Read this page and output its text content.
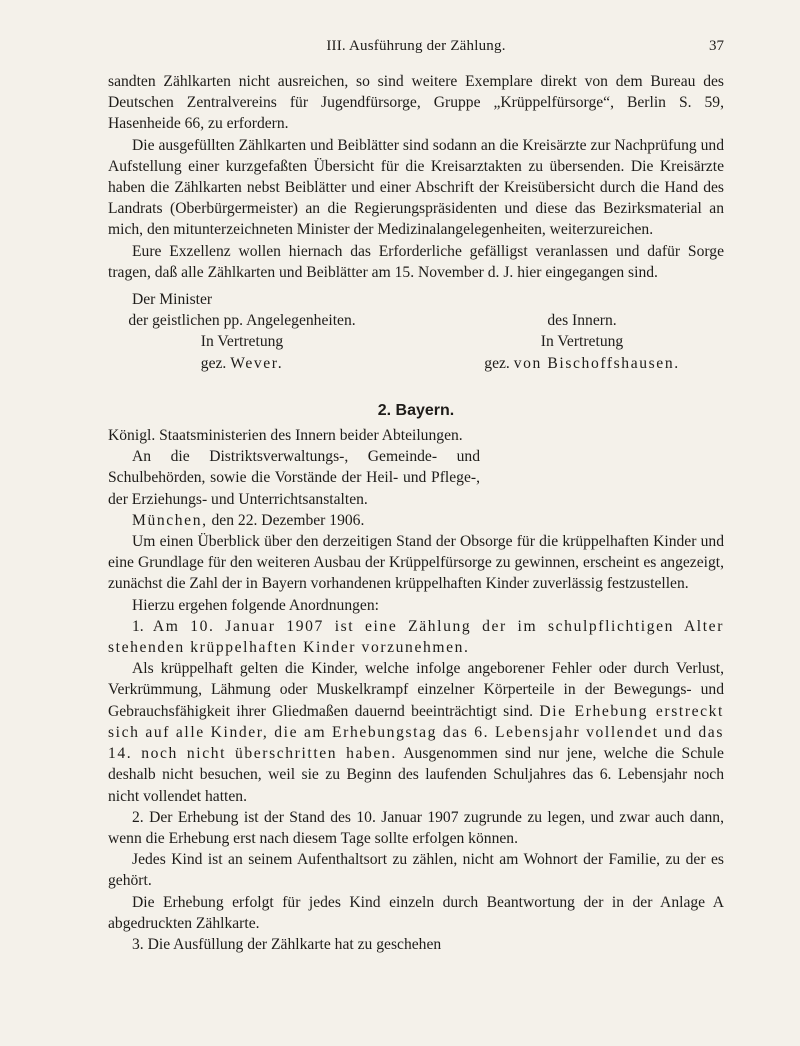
III. Ausführung der Zählung.	37

sandten Zählkarten nicht ausreichen, so sind weitere Exemplare direkt von dem Bureau des Deutschen Zentralvereins für Jugendfürsorge, Gruppe „Krüppelfürsorge“, Berlin S. 59, Hasenheide 66, zu erfordern.

Die ausgefüllten Zählkarten und Beiblätter sind sodann an die Kreisärzte zur Nachprüfung und Aufstellung einer kurzgefaßten Übersicht für die Kreisarztakten zu übersenden. Die Kreisärzte haben die Zählkarten nebst Beiblätter und einer Abschrift der Kreisübersicht durch die Hand des Landrats (Oberbürgermeister) an die Regierungspräsidenten und diese das Bezirksmaterial an mich, den mitunterzeichneten Minister der Medizinalangelegenheiten, weiterzureichen.

Eure Exzellenz wollen hiernach das Erforderliche gefälligst veranlassen und dafür Sorge tragen, daß alle Zählkarten und Beiblätter am 15. November d. J. hier eingegangen sind.

Der Minister

der geistlichen pp. Angelegenheiten.	des Innern.
In Vertretung	In Vertretung
gez. Wever.	gez. von Bischoffshausen.
2. Bayern.

Königl. Staatsministerien des Innern beider Abteilungen.

An die Distriktsverwaltungs-, Gemeinde- und Schulbehörden, sowie die Vorstände der Heil- und Pflege-, der Erziehungs- und Unterrichtsanstalten.

München, den 22. Dezember 1906.

Um einen Überblick über den derzeitigen Stand der Obsorge für die krüppelhaften Kinder und eine Grundlage für den weiteren Ausbau der Krüppelfürsorge zu gewinnen, erscheint es angezeigt, zunächst die Zahl der in Bayern vorhandenen krüppelhaften Kinder zuverlässig festzustellen.

Hierzu ergehen folgende Anordnungen:

1. Am 10. Januar 1907 ist eine Zählung der im schulpflichtigen Alter stehenden krüppelhaften Kinder vorzunehmen.

Als krüppelhaft gelten die Kinder, welche infolge angeborener Fehler oder durch Verlust, Verkrümmung, Lähmung oder Muskelkrampf einzelner Körperteile in der Bewegungs- und Gebrauchsfähigkeit ihrer Gliedmaßen dauernd beeinträchtigt sind. Die Erhebung erstreckt sich auf alle Kinder, die am Erhebungstag das 6. Lebensjahr vollendet und das 14. noch nicht überschritten haben. Ausgenommen sind nur jene, welche die Schule deshalb nicht besuchen, weil sie zu Beginn des laufenden Schuljahres das 6. Lebensjahr noch nicht vollendet hatten.

2. Der Erhebung ist der Stand des 10. Januar 1907 zugrunde zu legen, und zwar auch dann, wenn die Erhebung erst nach diesem Tage sollte erfolgen können.

Jedes Kind ist an seinem Aufenthaltsort zu zählen, nicht am Wohnort der Familie, zu der es gehört.

Die Erhebung erfolgt für jedes Kind einzeln durch Beantwortung der in der Anlage A abgedruckten Zählkarte.

3. Die Ausfüllung der Zählkarte hat zu geschehen
